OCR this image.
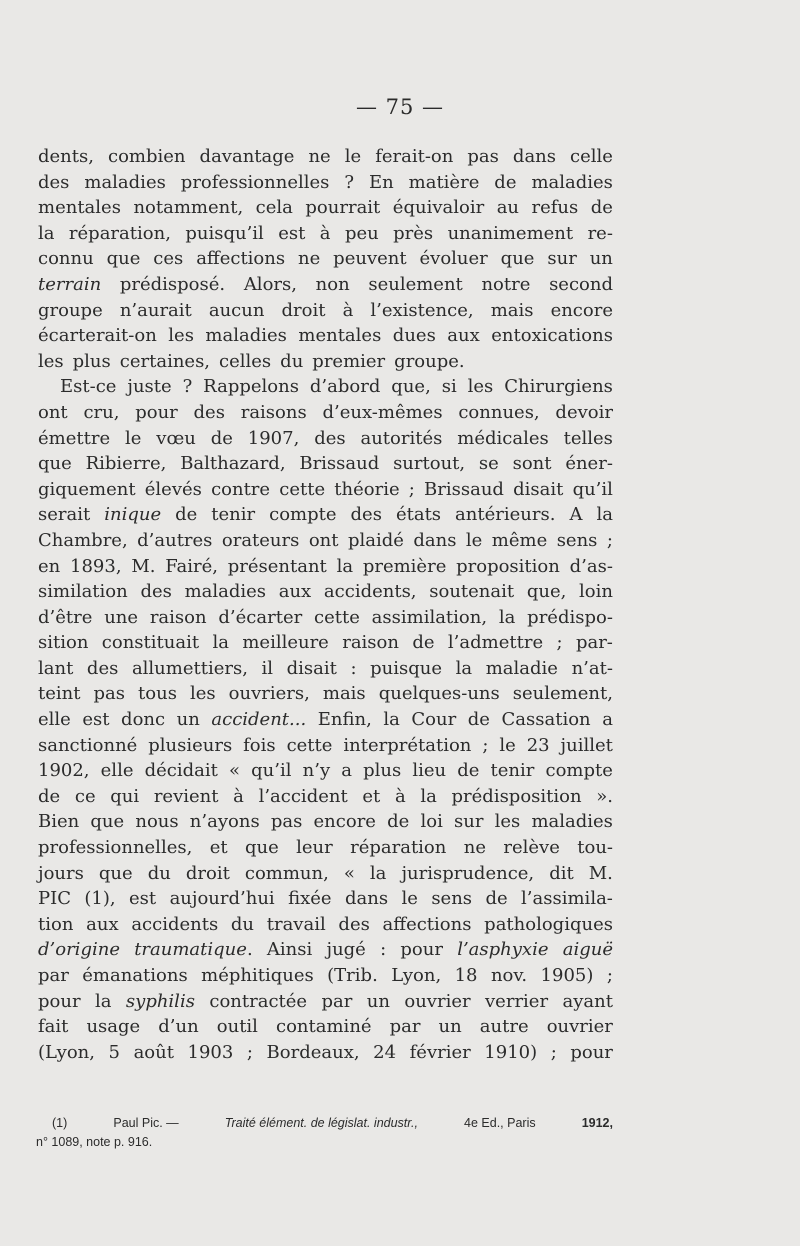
— 75 —
dents, combien davantage ne le ferait-on pas dans celle
des maladies professionnelles ? En matière de maladies
mentales notamment, cela pourrait équivaloir au refus de
la réparation, puisqu’il est à peu près unanimement re-
connu que ces affections ne peuvent évoluer que sur un
terrain prédisposé. Alors, non seulement notre second
groupe n’aurait aucun droit à l’existence, mais encore
écarterait-on les maladies mentales dues aux entoxications
les plus certaines, celles du premier groupe.
Est-ce juste ? Rappelons d’abord que, si les Chirurgiens
ont cru, pour des raisons d’eux-mêmes connues, devoir
émettre le vœu de 1907, des autorités médicales telles
que Ribierre, Balthazard, Brissaud surtout, se sont éner-
giquement élevés contre cette théorie ; Brissaud disait qu’il
serait inique de tenir compte des états antérieurs. A la
Chambre, d’autres orateurs ont plaidé dans le même sens ;
en 1893, M. Fairé, présentant la première proposition d’as-
similation des maladies aux accidents, soutenait que, loin
d’être une raison d’écarter cette assimilation, la prédispo-
sition constituait la meilleure raison de l’admettre ; par-
lant des allumettiers, il disait : puisque la maladie n’at-
teint pas tous les ouvriers, mais quelques-uns seulement,
elle est donc un accident... Enfin, la Cour de Cassation a
sanctionné plusieurs fois cette interprétation ; le 23 juillet
1902, elle décidait « qu’il n’y a plus lieu de tenir compte
de ce qui revient à l’accident et à la prédisposition ».
Bien que nous n’ayons pas encore de loi sur les maladies
professionnelles, et que leur réparation ne relève tou-
jours que du droit commun, « la jurisprudence, dit M.
PIC (1), est aujourd’hui fixée dans le sens de l’assimila-
tion aux accidents du travail des affections pathologiques
d’origine traumatique. Ainsi jugé : pour l’asphyxie aiguë
par émanations méphitiques (Trib. Lyon, 18 nov. 1905) ;
pour la syphilis contractée par un ouvrier verrier ayant
fait usage d’un outil contaminé par un autre ouvrier
(Lyon, 5 août 1903 ; Bordeaux, 24 février 1910) ; pour
(1)	Paul Pic. —	Traité élément. de législat. industr.,	4e Ed., Paris	1912,
n° 1089, note p. 916.
